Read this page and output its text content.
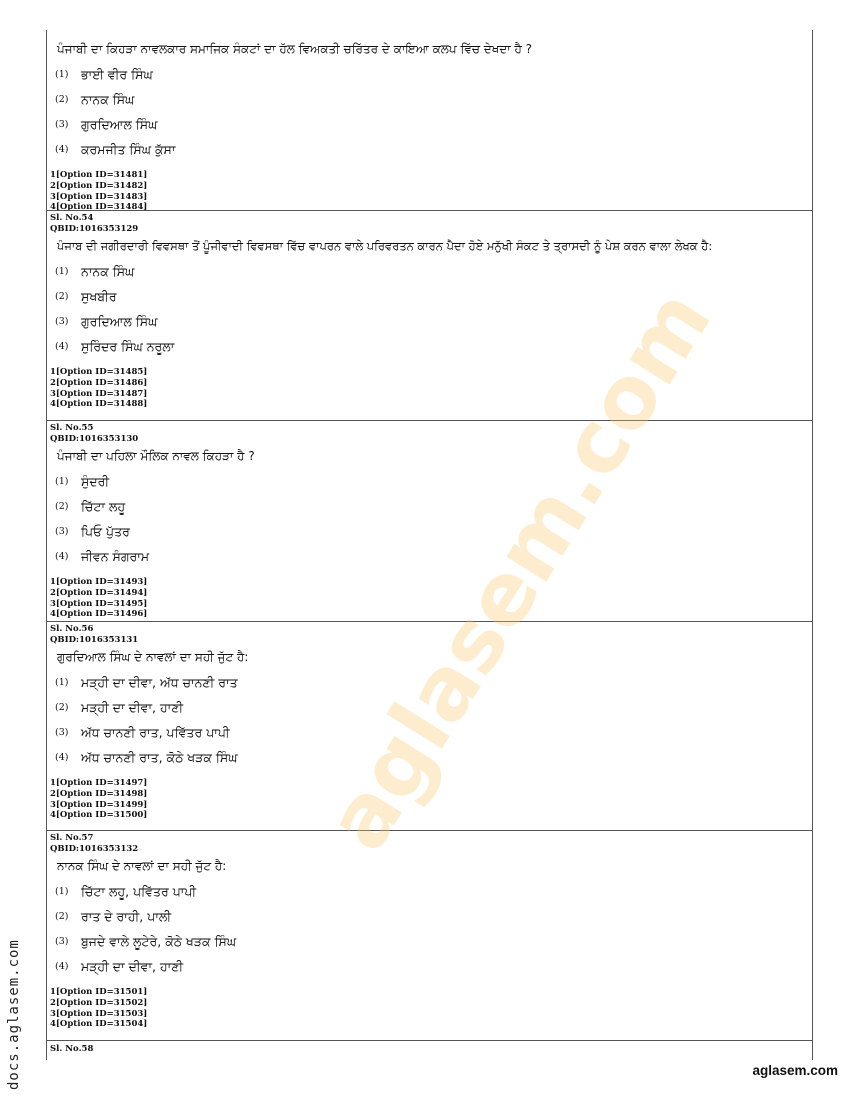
ਪੰਜਾਬੀ ਦਾ ਕਿਹੜਾ ਨਾਵਲਕਾਰ ਸਮਾਜਿਕ ਸੰਕਟਾਂ ਦਾ ਹੱਲ ਵਿਅਕਤੀ ਚਰਿੱਤਰ ਦੇ ਕਾਇਆ ਕਲਪ ਵਿੱਚ ਦੇਖਦਾ ਹੈ ?
(1)	ਭਾਈ ਵੀਰ ਸਿੰਘ
(2)	ਨਾਨਕ ਸਿੰਘ
(3)	ਗੁਰਦਿਆਲ ਸਿੰਘ
(4)	ਕਰਮਜੀਤ ਸਿੰਘ ਕੁੱਸਾ
1[Option ID=31481]
2[Option ID=31482]
3[Option ID=31483]
4[Option ID=31484]
Sl. No.54
QBID:1016353129
ਪੰਜਾਬ ਦੀ ਜਗੀਰਦਾਰੀ ਵਿਵਸਥਾ ਤੋਂ ਪੂੰਜੀਵਾਦੀ ਵਿਵਸਥਾ ਵਿੱਚ ਵਾਪਰਨ ਵਾਲੇ ਪਰਿਵਰਤਨ ਕਾਰਨ ਪੈਦਾ ਹੋਏ ਮਨੁੱਖੀ ਸੰਕਟ ਤੇ ਤ੍ਰਾਸਦੀ ਨੂੰ ਪੇਸ਼ ਕਰਨ ਵਾਲਾ ਲੇਖਕ ਹੈ:
(1)	ਨਾਨਕ ਸਿੰਘ
(2)	ਸੁਖਬੀਰ
(3)	ਗੁਰਦਿਆਲ ਸਿੰਘ
(4)	ਸੁਰਿੰਦਰ ਸਿੰਘ ਨਰੂਲਾ
1[Option ID=31485]
2[Option ID=31486]
3[Option ID=31487]
4[Option ID=31488]
Sl. No.55
QBID:1016353130
ਪੰਜਾਬੀ ਦਾ ਪਹਿਲਾ ਮੌਲਿਕ ਨਾਵਲ ਕਿਹੜਾ ਹੈ ?
(1)	ਸੁੰਦਰੀ
(2)	ਚਿੱਟਾ ਲਹੂ
(3)	ਪਿਓ ਪੁੱਤਰ
(4)	ਜੀਵਨ ਸੰਗਰਾਮ
1[Option ID=31493]
2[Option ID=31494]
3[Option ID=31495]
4[Option ID=31496]
Sl. No.56
QBID:1016353131
ਗੁਰਦਿਆਲ ਸਿੰਘ ਦੇ ਨਾਵਲਾਂ ਦਾ ਸਹੀ ਜੁੱਟ ਹੈ:
(1)	ਮੜ੍ਹੀ ਦਾ ਦੀਵਾ, ਅੱਧ ਚਾਨਣੀ ਰਾਤ
(2)	ਮੜ੍ਹੀ ਦਾ ਦੀਵਾ, ਹਾਣੀ
(3)	ਅੱਧ ਚਾਨਣੀ ਰਾਤ, ਪਵਿੱਤਰ ਪਾਪੀ
(4)	ਅੱਧ ਚਾਨਣੀ ਰਾਤ, ਕੋਠੇ ਖੜਕ ਸਿੰਘ
1[Option ID=31497]
2[Option ID=31498]
3[Option ID=31499]
4[Option ID=31500]
Sl. No.57
QBID:1016353132
ਨਾਨਕ ਸਿੰਘ ਦੇ ਨਾਵਲਾਂ ਦਾ ਸਹੀ ਜੁੱਟ ਹੈ:
(1)	ਚਿੱਟਾ ਲਹੂ, ਪਵਿੱਤਰ ਪਾਪੀ
(2)	ਰਾਤ ਦੇ ਰਾਹੀ, ਪਾਲੀ
(3)	ਬੁਜਦੇ ਵਾਲੇ ਲੂਟੇਰੇ, ਕੋਠੇ ਖੜਕ ਸਿੰਘ
(4)	ਮੜ੍ਹੀ ਦਾ ਦੀਵਾ, ਹਾਣੀ
1[Option ID=31501]
2[Option ID=31502]
3[Option ID=31503]
4[Option ID=31504]
Sl. No.58
aglasem.com
docs.aglasem.com	aglasem.com
